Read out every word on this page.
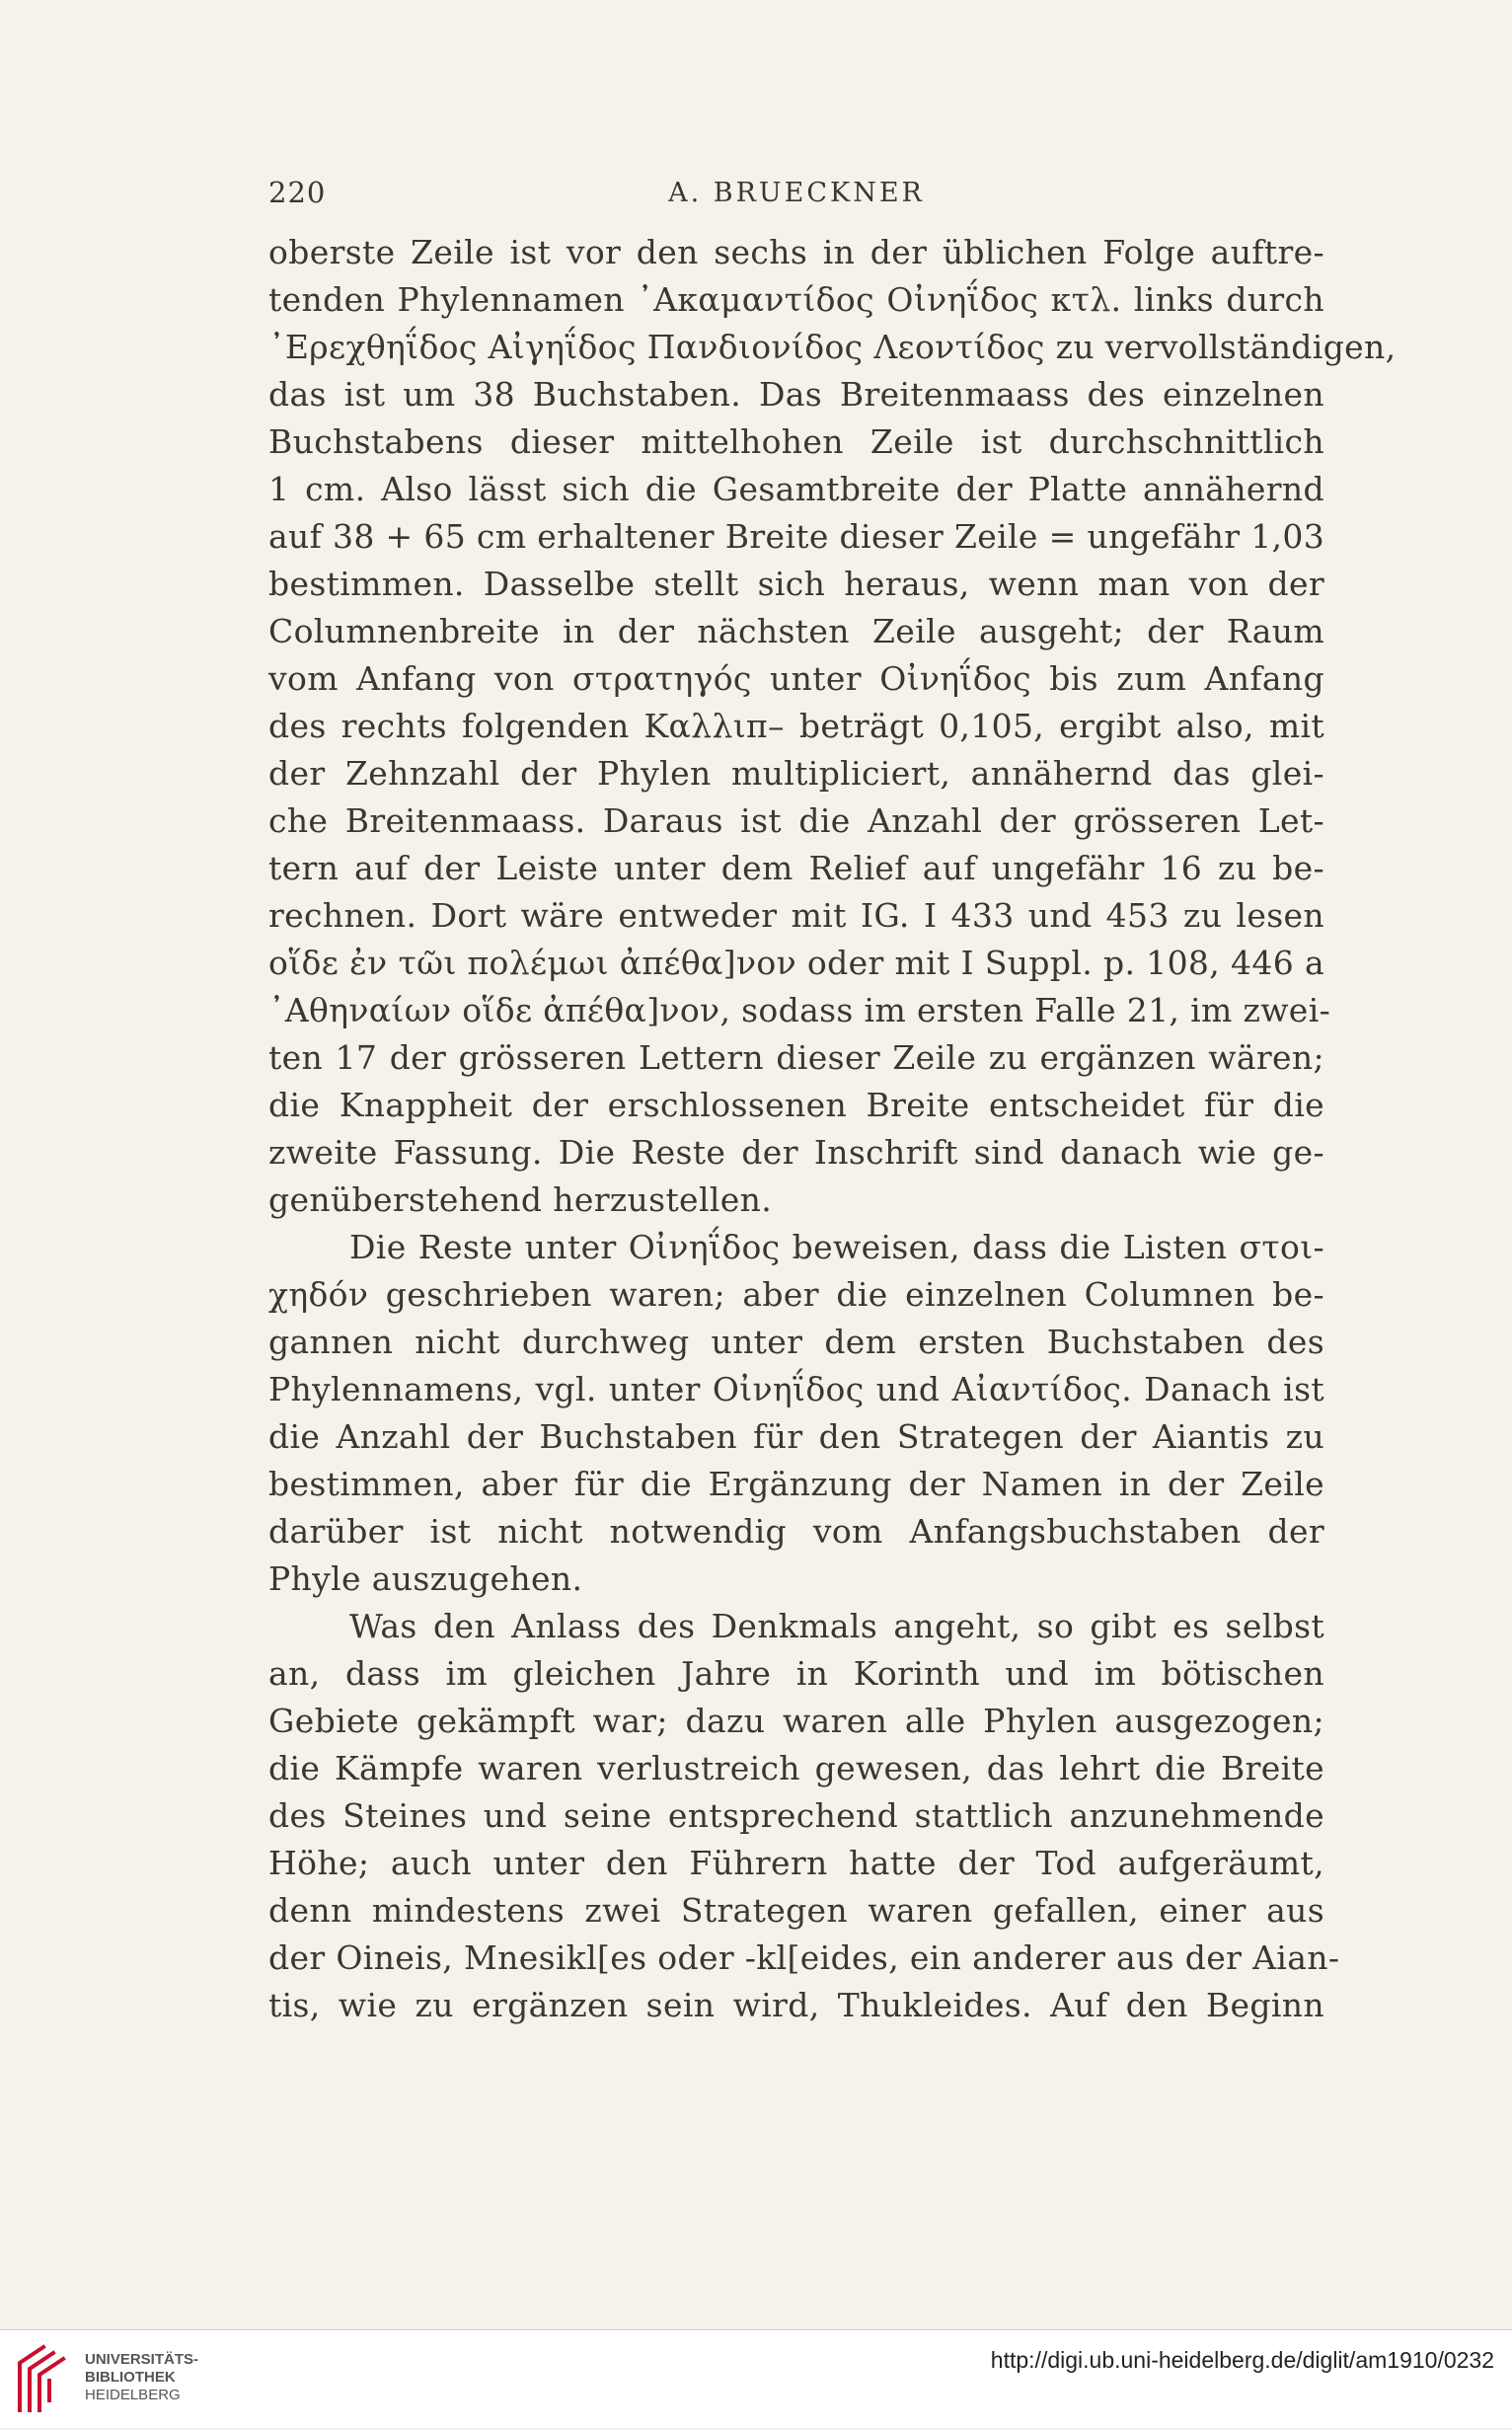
220	A. BRUECKNER
oberste Zeile ist vor den sechs in der üblichen Folge auftre-
tenden Phylennamen ᾿Ακαμαντίδος Οἰνηΐδος κτλ. links durch
᾿Ερεχθηΐδος Αἰγηΐδος Πανδιονίδος Λεοντίδος zu vervollständigen,
das ist um 38 Buchstaben. Das Breitenmaass des einzelnen
Buchstabens dieser mittelhohen Zeile ist durchschnittlich
1 cm. Also lässt sich die Gesamtbreite der Platte annähernd
auf 38 + 65 cm erhaltener Breite dieser Zeile = ungefähr 1,03
bestimmen. Dasselbe stellt sich heraus, wenn man von der
Columnenbreite in der nächsten Zeile ausgeht; der Raum
vom Anfang von στρατηγός unter Οἰνηΐδος bis zum Anfang
des rechts folgenden Καλλιπ– beträgt 0,105, ergibt also, mit
der Zehnzahl der Phylen multipliciert, annähernd das glei-
che Breitenmaass. Daraus ist die Anzahl der grösseren Let-
tern auf der Leiste unter dem Relief auf ungefähr 16 zu be-
rechnen. Dort wäre entweder mit IG. I 433 und 453 zu lesen
οἵδε ἐν τῶι πολέμωι ἀπέθα]νον oder mit I Suppl. p. 108, 446 a
᾿Αθηναίων οἵδε ἀπέθα]νον, sodass im ersten Falle 21, im zwei-
ten 17 der grösseren Lettern dieser Zeile zu ergänzen wären;
die Knappheit der erschlossenen Breite entscheidet für die
zweite Fassung. Die Reste der Inschrift sind danach wie ge-
genüberstehend herzustellen.
Die Reste unter Οἰνηΐδος beweisen, dass die Listen στοι-
χηδόν geschrieben waren; aber die einzelnen Columnen be-
gannen nicht durchweg unter dem ersten Buchstaben des
Phylennamens, vgl. unter Οἰνηΐδος und Αἰαντίδος. Danach ist
die Anzahl der Buchstaben für den Strategen der Aiantis zu
bestimmen, aber für die Ergänzung der Namen in der Zeile
darüber ist nicht notwendig vom Anfangsbuchstaben der
Phyle auszugehen.
Was den Anlass des Denkmals angeht, so gibt es selbst
an, dass im gleichen Jahre in Korinth und im bötischen
Gebiete gekämpft war; dazu waren alle Phylen ausgezogen;
die Kämpfe waren verlustreich gewesen, das lehrt die Breite
des Steines und seine entsprechend stattlich anzunehmende
Höhe; auch unter den Führern hatte der Tod aufgeräumt,
denn mindestens zwei Strategen waren gefallen, einer aus
der Oineis, Mnesikl[es oder -kl[eides, ein anderer aus der Aian-
tis, wie zu ergänzen sein wird, Thukleides. Auf den Beginn
UNIVERSITÄTS-
BIBLIOTHEK
HEIDELBERG
http://digi.ub.uni-heidelberg.de/diglit/am1910/0232
